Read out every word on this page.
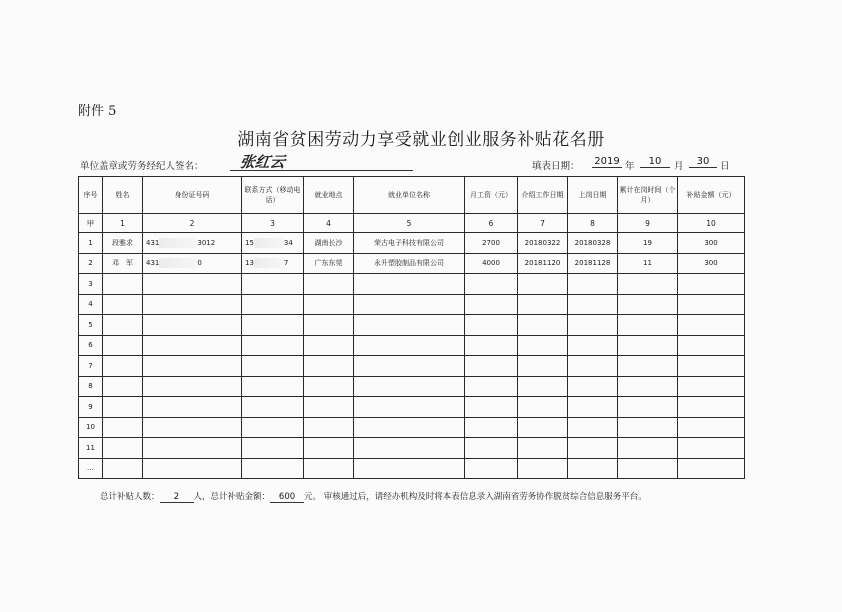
附件 5
湖南省贫困劳动力享受就业创业服务补贴花名册
单位盖章或劳务经纪人签名： 张红云	填表日期： 2019 年	10	月	30	日
序号	姓名	身份证号码	联系方式（移动电话）	就业地点	就业单位名称	月工资（元）	介绍工作日期	上岗日期	累计在岗时间（个月）	补贴金额（元）
甲	1	2	3	4	5	6	7	8	9	10
1	段雅求	431 3012	15 34	湖南长沙	荣古电子科技有限公司	2700	20180322	20180328	19	300
2	邓　军	431 0	13 7	广东东莞	永升塑胶制品有限公司	4000	20181120	20181128	11	300
3										
4										
5										
6										
7										
8										
9										
10										
11										
…										
总计补贴人数： 2 人，总计补贴金额： 600 元。 审核通过后，请经办机构及时将本表信息录入湖南省劳务协作脱贫综合信息服务平台。
